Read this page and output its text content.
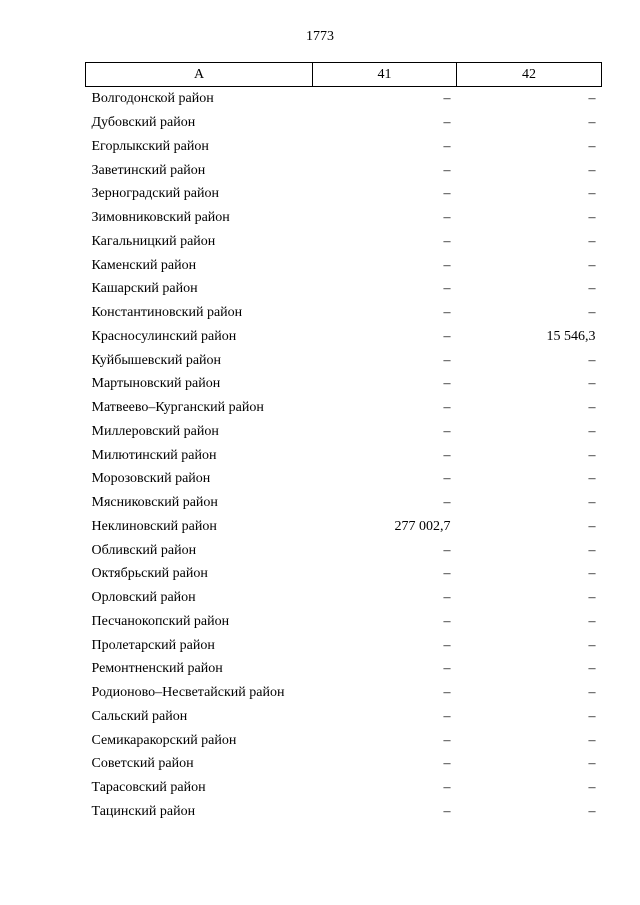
1773
А	41	42
Волгодонской район	–	–
Дубовский район	–	–
Егорлыкский район	–	–
Заветинский район	–	–
Зерноградский район	–	–
Зимовниковский район	–	–
Кагальницкий район	–	–
Каменский район	–	–
Кашарский район	–	–
Константиновский район	–	–
Красносулинский район	–	15 546,3
Куйбышевский район	–	–
Мартыновский район	–	–
Матвеево–Курганский район	–	–
Миллеровский район	–	–
Милютинский район	–	–
Морозовский район	–	–
Мясниковский район	–	–
Неклиновский район	277 002,7	–
Обливский район	–	–
Октябрьский район	–	–
Орловский район	–	–
Песчанокопский район	–	–
Пролетарский район	–	–
Ремонтненский район	–	–
Родионово–Несветайский район	–	–
Сальский район	–	–
Семикаракорский район	–	–
Советский район	–	–
Тарасовский район	–	–
Тацинский район	–	–
